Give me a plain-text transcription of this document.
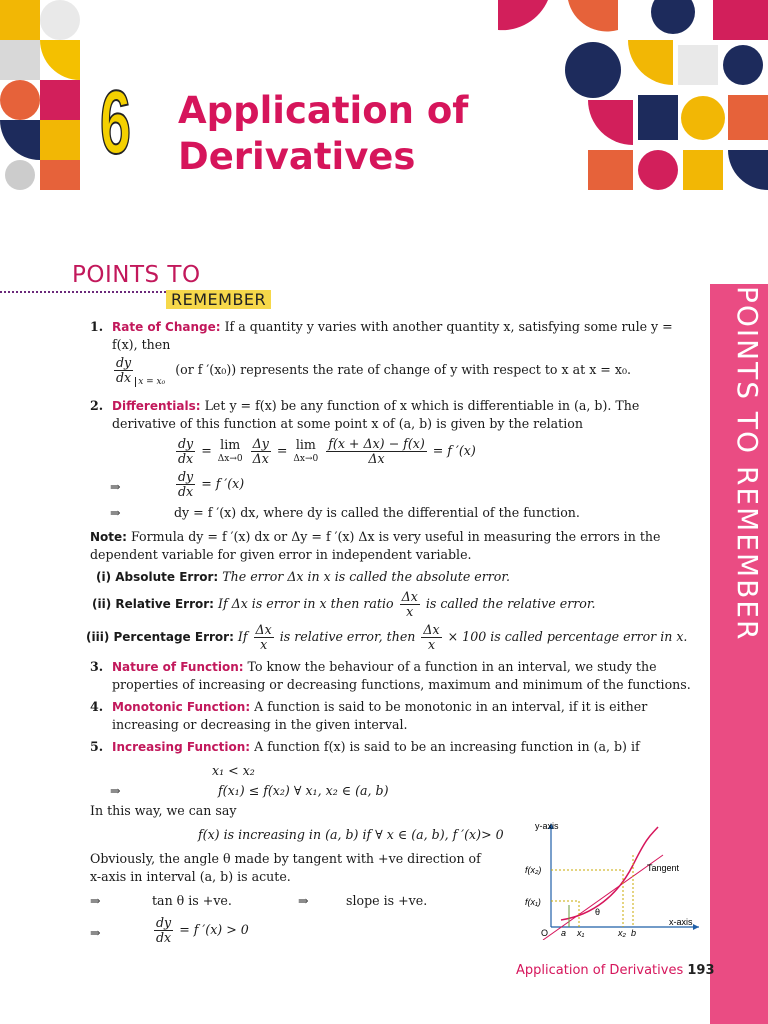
6 Application of
Derivatives
POINTS TO
REMEMBER	POINTS TO REMEMBER
1. Rate of Change: If a quantity y varies with another quantity x, satisfying some rule y = f(x), then
$\frac{dy}{dx} _{x = x_0}$ (or f ′(x₀)) represents the rate of change of y with respect to x at x = x₀.
2. Differentials: Let y = f(x) be any function of x which is differentiable in (a, b). The derivative of this function at some point x of (a, b) is given by the relation
$\frac{dy}{dx} = \lim$
Δx→0
$\frac{\Delta y}{\Delta x} = \lim$
Δx→0
$\frac{f(x + \Delta x) - f(x)}{\Delta x} = f$ ′(x)
⇒	$\frac{dy}{dx} = f$ ′(x)
⇒	dy = f ′(x) dx, where dy is called the differential of the function.
Note: Formula dy = f ′(x) dx or Δy = f ′(x) Δx is very useful in measuring the errors in the dependent variable for given error in independent variable.
(i) Absolute Error: The error Δx in x is called the absolute error.
(ii) Relative Error: If Δx is error in x then ratio $\frac{\Delta x}{x}$ is called the relative error.
(iii) Percentage Error: If $\frac{\Delta x}{x}$ is relative error, then $\frac{\Delta x}{x} \times 100$ is called percentage error in x.
3. Nature of Function: To know the behaviour of a function in an interval, we study the properties of increasing or decreasing functions, maximum and minimum of the functions.
4. Monotonic Function: A function is said to be monotonic in an interval, if it is either increasing or decreasing in the given interval.
5. Increasing Function: A function f(x) is said to be an increasing function in (a, b) if
x₁ < x₂
⇒	f(x₁) ≤ f(x₂) ∀ x₁, x₂ ∈ (a, b)
In this way, we can say
f(x) is increasing in (a, b) if ∀ x ∈ (a, b), f ′(x)> 0
Obviously, the angle θ made by tangent with +ve direction of x-axis in interval (a, b) is acute.
⇒	tan θ is +ve.	⇒	slope is +ve.
⇒	$\frac{dy}{dx} = f$ ′(x) > 0
y-axis
x-axis
Tangent
f(x₂)
f(x₁)
θ
O a x₁	x₂ b
Application of Derivatives 193
